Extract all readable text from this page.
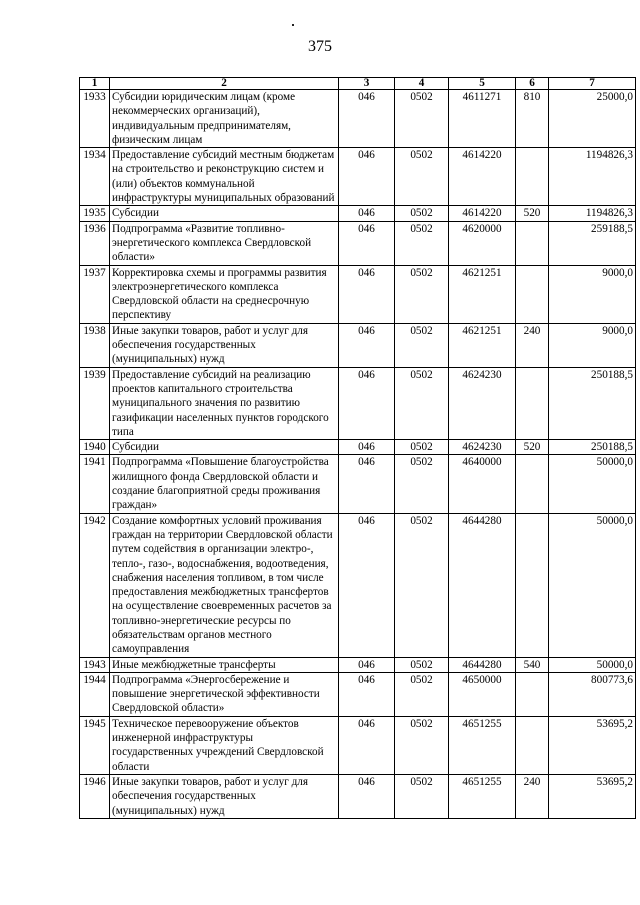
375
1	2	3	4	5	6	7
1933	Субсидии юридическим лицам (кроме некоммерческих организаций), индивидуальным предпринимателям, физическим лицам	046	0502	4611271	810	25000,0
1934	Предоставление субсидий местным бюджетам на строительство и реконструкцию систем и (или) объектов коммунальной инфраструктуры муниципальных образований	046	0502	4614220		1194826,3
1935	Субсидии	046	0502	4614220	520	1194826,3
1936	Подпрограмма «Развитие топливно-энергетического комплекса Свердловской области»	046	0502	4620000		259188,5
1937	Корректировка схемы и программы развития электроэнергетического комплекса Свердловской области на среднесрочную перспективу	046	0502	4621251		9000,0
1938	Иные закупки товаров, работ и услуг для обеспечения государственных (муниципальных) нужд	046	0502	4621251	240	9000,0
1939	Предоставление субсидий на реализацию проектов капитального строительства муниципального значения по развитию газификации населенных пунктов городского типа	046	0502	4624230		250188,5
1940	Субсидии	046	0502	4624230	520	250188,5
1941	Подпрограмма «Повышение благоустройства жилищного фонда Свердловской области и создание благоприятной среды проживания граждан»	046	0502	4640000		50000,0
1942	Создание комфортных условий проживания граждан на территории Свердловской области путем содействия в организации электро-, тепло-, газо-, водоснабжения, водоотведения, снабжения населения топливом, в том числе предоставления межбюджетных трансфертов на осуществление своевременных расчетов за топливно-энергетические ресурсы по обязательствам органов местного самоуправления	046	0502	4644280		50000,0
1943	Иные межбюджетные трансферты	046	0502	4644280	540	50000,0
1944	Подпрограмма «Энергосбережение и повышение энергетической эффективности Свердловской области»	046	0502	4650000		800773,6
1945	Техническое перевооружение объектов инженерной инфраструктуры государственных учреждений Свердловской области	046	0502	4651255		53695,2
1946	Иные закупки товаров, работ и услуг для обеспечения государственных (муниципальных) нужд	046	0502	4651255	240	53695,2
